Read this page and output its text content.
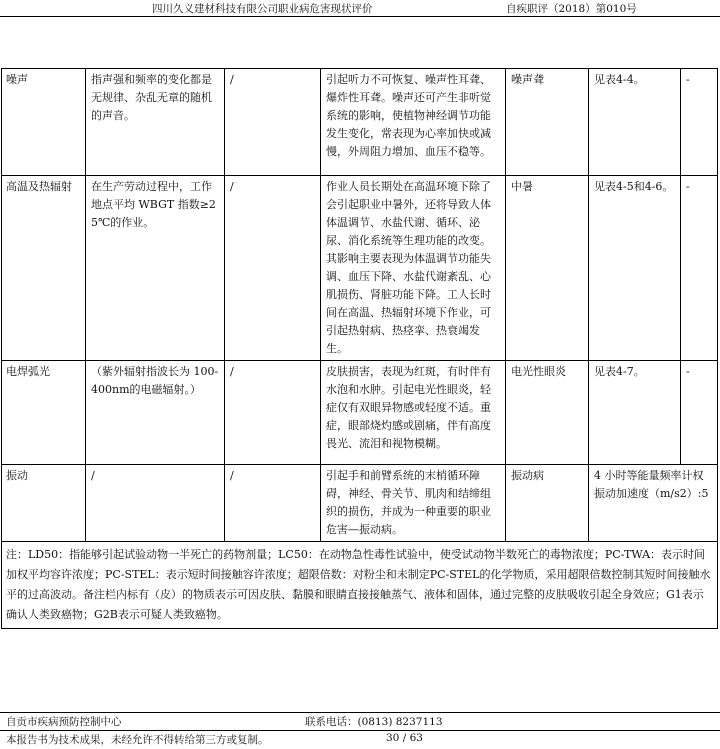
四川久义建材科技有限公司职业病危害现状评价	自疾职评（2018）第010号
噪声	指声强和频率的变化都是无规律、杂乱无章的随机的声音。	/	引起听力不可恢复、噪声性耳聋、爆炸性耳聋。噪声还可产生非听觉系统的影响，使植物神经调节功能发生变化，常表现为心率加快或减慢，外周阻力增加、血压不稳等。	噪声聋	见表4-4。	-
高温及热辐射	在生产劳动过程中，工作地点平均 WBGT 指数≥25℃的作业。	/	作业人员长期处在高温环境下除了会引起职业中暑外，还将导致人体体温调节、水盐代谢、循环、泌尿、消化系统等生理功能的改变。其影响主要表现为体温调节功能失调、血压下降、水盐代谢紊乱、心肌损伤、肾脏功能下降。工人长时间在高温、热辐射环境下作业，可引起热射病、热痉挛、热衰竭发生。	中暑	见表4-5和4-6。	-
电焊弧光	（紫外辐射指波长为 100-400nm的电磁辐射。）	/	皮肤损害，表现为红斑，有时伴有水泡和水肿。引起电光性眼炎，轻症仅有双眼异物感或轻度不适。重症，眼部烧灼感或剧痛，伴有高度畏光、流泪和视物模糊。	电光性眼炎	见表4-7。	-
振动	/	/	引起手和前臂系统的末梢循环障碍，神经、骨关节、肌肉和结缔组织的损伤，并成为一种重要的职业危害—振动病。	振动病	4 小时等能量频率计权振动加速度（m/s2）:5	
注：LD50：指能够引起试验动物一半死亡的药物剂量；LC50：在动物急性毒性试验中，使受试动物半数死亡的毒物浓度；PC-TWA：表示时间加权平均容许浓度；PC-STEL：表示短时间接触容许浓度；超限倍数：对粉尘和未制定PC-STEL的化学物质，采用超限倍数控制其短时间接触水平的过高波动。备注栏内标有（皮）的物质表示可因皮肤、黏膜和眼睛直接接触蒸气、液体和固体，通过完整的皮肤吸收引起全身效应；G1表示确认人类致癌物；G2B表示可疑人类致癌物。						
自贡市疾病预防控制中心	联系电话：(0813) 8237113
本报告书为技术成果，未经允许不得转给第三方或复制。	30 / 63
